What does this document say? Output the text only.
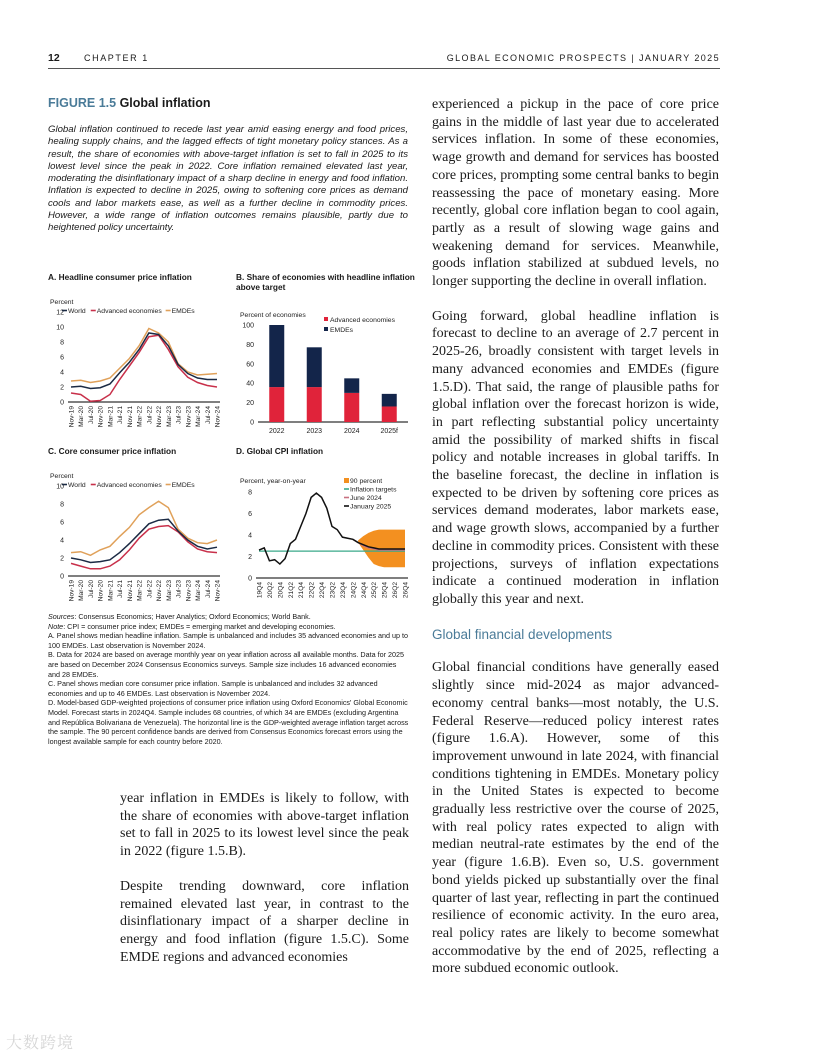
12	CHAPTER 1	GLOBAL ECONOMIC PROSPECTS | JANUARY 2025
FIGURE 1.5 Global inflation
Global inflation continued to recede last year amid easing energy and food prices, healing supply chains, and the lagged effects of tight monetary policy stances. As a result, the share of economies with above-target inflation is set to fall in 2025 to its lowest level since the peak in 2022. Core inflation remained elevated last year, moderating the disinflationary impact of a sharp decline in energy and food inflation. Inflation is expected to decline in 2025, owing to softening core prices as demand cools and labor markets ease, as well as a further decline in commodity prices. However, a wide range of inflation outcomes remains plausible, partly due to heightened policy uncertainty.
A. Headline consumer price inflation
Percent
0
2
4
6
8
10
12 World Advanced economies EMDEs
Nov-19 Mar-20 Jul-20 Nov-20 Mar-21 Jul-21 Nov-21 Mar-22 Jul-22 Nov-22 Mar-23 Jul-23 Nov-23 Mar-24 Jul-24 Nov-24
B. Share of economies with headline inflation above target
Percent of economies
0
20
40
60
80
100
2022	2023	2024	2025f
Advanced economies
EMDEs
C. Core consumer price inflation
Percent
0
2
4
6
8
10 World Advanced economies EMDEs
Nov-19 Mar-20 Jul-20 Nov-20 Mar-21 Jul-21 Nov-21 Mar-22 Jul-22 Nov-22 Mar-23 Jul-23 Nov-23 Mar-24 Jul-24 Nov-24
D. Global CPI inflation
Percent, year-on-year
0
2
4
6
8
19Q4 20Q2 20Q4 21Q2 21Q4 22Q2 22Q4 23Q2 23Q4 24Q2 24Q4 25Q2 25Q4 26Q2 26Q4
90 percent
Inflation targets
June 2024
January 2025

Sources: Consensus Economics; Haver Analytics; Oxford Economics; World Bank.

Note: CPI = consumer price index; EMDEs = emerging market and developing economies.

A. Panel shows median headline inflation. Sample is unbalanced and includes 35 advanced economies and up to 100 EMDEs. Last observation is November 2024.

B. Data for 2024 are based on average monthly year on year inflation across all available months. Data for 2025 are based on December 2024 Consensus Economics surveys. Sample size includes 16 advanced economies and 28 EMDEs.

C. Panel shows median core consumer price inflation. Sample is unbalanced and includes 32 advanced economies and up to 46 EMDEs. Last observation is November 2024.

D. Model-based GDP-weighted projections of consumer price inflation using Oxford Economics' Global Economic Model. Forecast starts in 2024Q4. Sample includes 68 countries, of which 34 are EMDEs (excluding Argentina and República Bolivariana de Venezuela). The horizontal line is the GDP-weighted average inflation target across the sample. The 90 percent confidence bands are derived from Consensus Economics forecast errors using the longest available sample for each country before 2020.

year inflation in EMDEs is likely to follow, with the share of economies with above-target inflation set to fall in 2025 to its lowest level since the peak in 2022 (figure 1.5.B).

Despite trending downward, core inflation remained elevated last year, in contrast to the disinflationary impact of a sharper decline in energy and food inflation (figure 1.5.C). Some EMDE regions and advanced economies

experienced a pickup in the pace of core price gains in the middle of last year due to accelerated services inflation. In some of these economies, wage growth and demand for services has boosted core prices, prompting some central banks to begin reassessing the pace of monetary easing. More recently, global core inflation began to cool again, partly as a result of slowing wage gains and weakening demand for services. Meanwhile, goods inflation stabilized at subdued levels, no longer supporting the decline in overall inflation.

Going forward, global headline inflation is forecast to decline to an average of 2.7 percent in 2025-26, broadly consistent with target levels in many advanced economies and EMDEs (figure 1.5.D). That said, the range of plausible paths for global inflation over the forecast horizon is wide, in part reflecting substantial policy uncertainty amid the possibility of marked shifts in fiscal policy and notable increases in global tariffs. In the baseline forecast, the decline in inflation is expected to be driven by softening core prices as services demand moderates, labor markets ease, and wage growth slows, accompanied by a further decline in commodity prices. Consistent with these projections, surveys of inflation expectations indicate a continued moderation in inflation globally this year and next.

Global financial developments

Global financial conditions have generally eased slightly since mid-2024 as major advanced-economy central banks—most notably, the U.S. Federal Reserve—reduced policy interest rates (figure 1.6.A). However, some of this improvement unwound in late 2024, with financial conditions tightening in EMDEs. Monetary policy in the United States is expected to become gradually less restrictive over the course of 2025, with real policy rates expected to align with median neutral-rate estimates by the end of the year (figure 1.6.B). Even so, U.S. government bond yields picked up substantially over the final quarter of last year, reflecting in part the continued resilience of economic activity. In the euro area, real policy rates are likely to become somewhat accommodative by the end of 2025, reflecting a more subdued economic outlook.

大数跨境
